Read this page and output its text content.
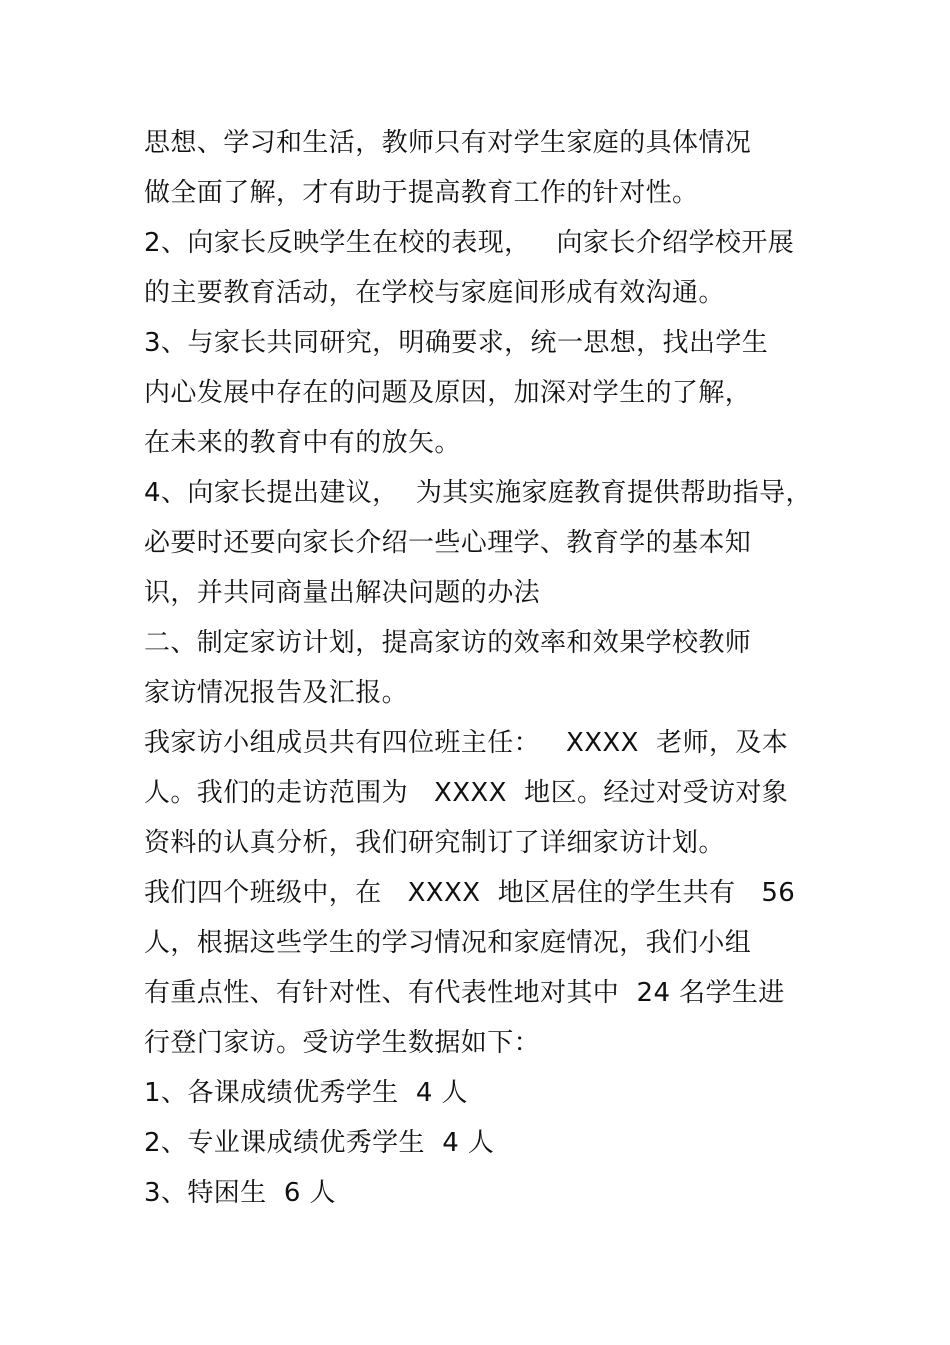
思想、学习和生活，教师只有对学生家庭的具体情况
做全面了解，才有助于提高教育工作的针对性。
2、向家长反映学生在校的表现，   向家长介绍学校开展
的主要教育活动，在学校与家庭间形成有效沟通。
3、与家长共同研究，明确要求，统一思想，找出学生
内心发展中存在的问题及原因，加深对学生的了解，
在未来的教育中有的放矢。
4、向家长提出建议，  为其实施家庭教育提供帮助指导，
必要时还要向家长介绍一些心理学、教育学的基本知
识，并共同商量出解决问题的办法
二、制定家访计划，提高家访的效率和效果学校教师
家访情况报告及汇报。
我家访小组成员共有四位班主任：   XXXX  老师，及本
人。我们的走访范围为   XXXX  地区。经过对受访对象
资料的认真分析，我们研究制订了详细家访计划。
我们四个班级中，在   XXXX  地区居住的学生共有   56
人，根据这些学生的学习情况和家庭情况，我们小组
有重点性、有针对性、有代表性地对其中  24 名学生进
行登门家访。受访学生数据如下：
1、各课成绩优秀学生  4 人
2、专业课成绩优秀学生  4 人
3、特困生  6 人
